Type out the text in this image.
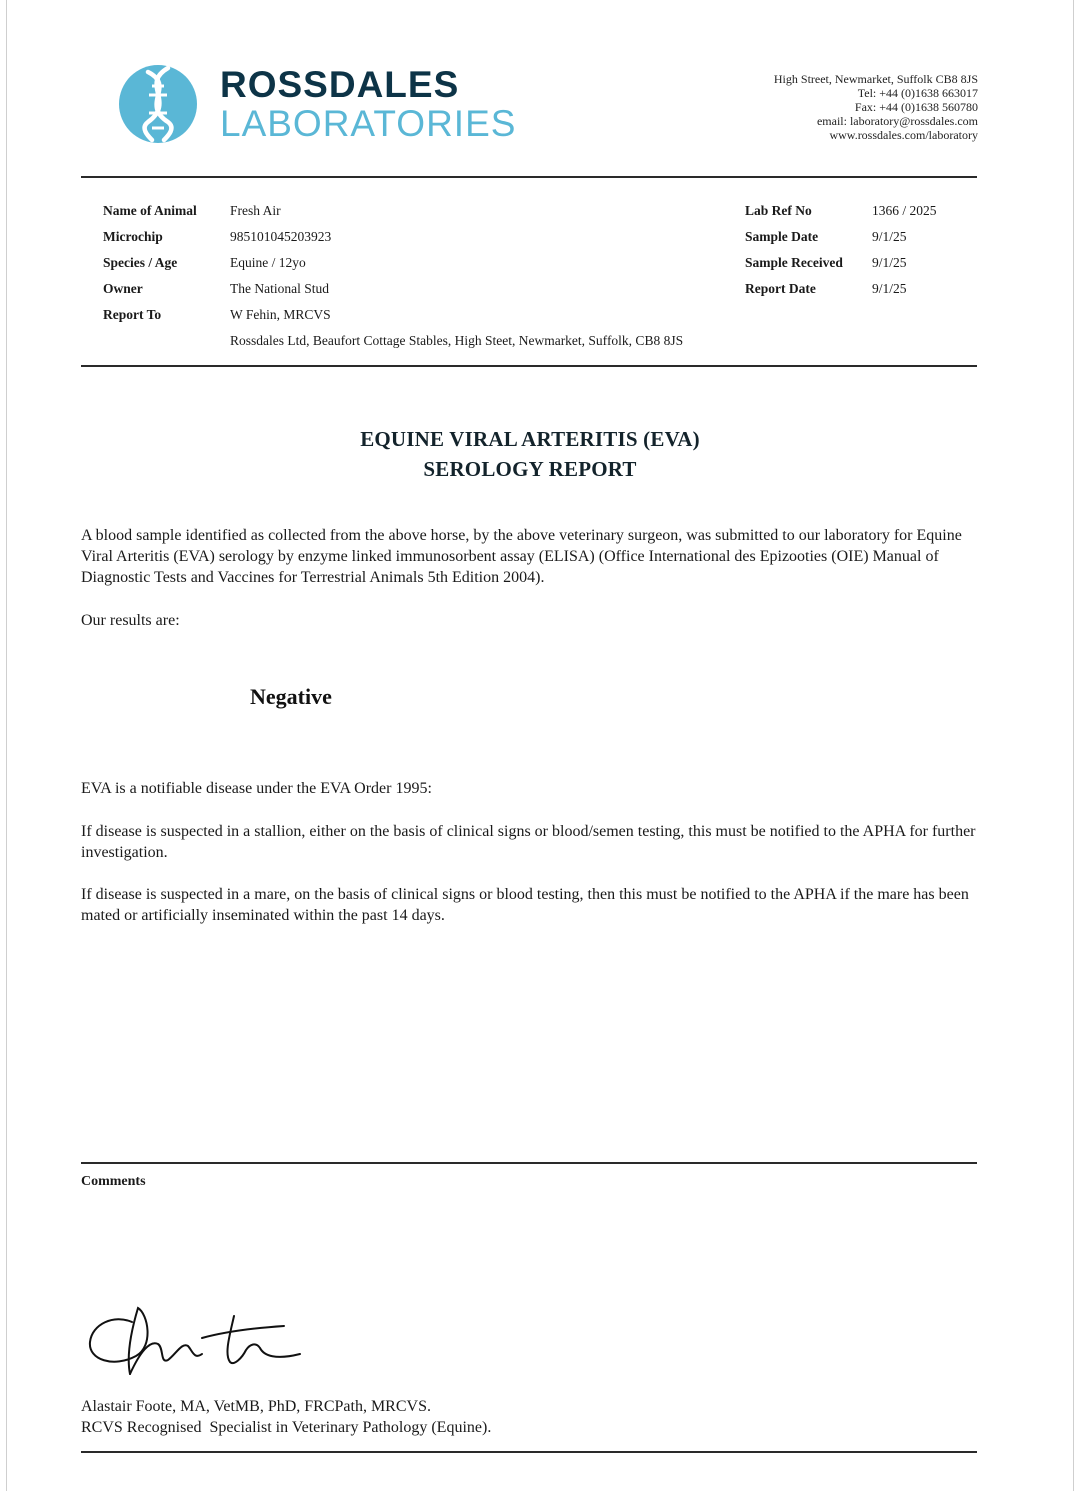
ROSSDALES
LABORATORIES
High Street, Newmarket, Suffolk CB8 8JS
Tel: +44 (0)1638 663017
Fax: +44 (0)1638 560780
email: laboratory@rossdales.com
www.rossdales.com/laboratory
Name of Animal
Microchip
Species / Age
Owner
Report To
Fresh Air
985101045203923
Equine / 12yo
The National Stud
W Fehin, MRCVS
Rossdales Ltd, Beaufort Cottage Stables, High Steet, Newmarket, Suffolk, CB8 8JS
Lab Ref No
Sample Date
Sample Received
Report Date
1366 / 2025
9/1/25
9/1/25
9/1/25
EQUINE VIRAL ARTERITIS (EVA)
SEROLOGY REPORT
A blood sample identified as collected from the above horse, by the above veterinary surgeon, was submitted to our laboratory for Equine Viral Arteritis (EVA) serology by enzyme linked immunosorbent assay (ELISA) (Office International des Epizooties (OIE) Manual of Diagnostic Tests and Vaccines for Terrestrial Animals 5th Edition 2004).
Our results are:
Negative
EVA is a notifiable disease under the EVA Order 1995:
If disease is suspected in a stallion, either on the basis of clinical signs or blood/semen testing, this must be notified to the APHA for further investigation.
If disease is suspected in a mare, on the basis of clinical signs or blood testing, then this must be notified to the APHA if the mare has been mated or artificially inseminated within the past 14 days.
Comments
Alastair Foote, MA, VetMB, PhD, FRCPath, MRCVS.
RCVS Recognised  Specialist in Veterinary Pathology (Equine).
